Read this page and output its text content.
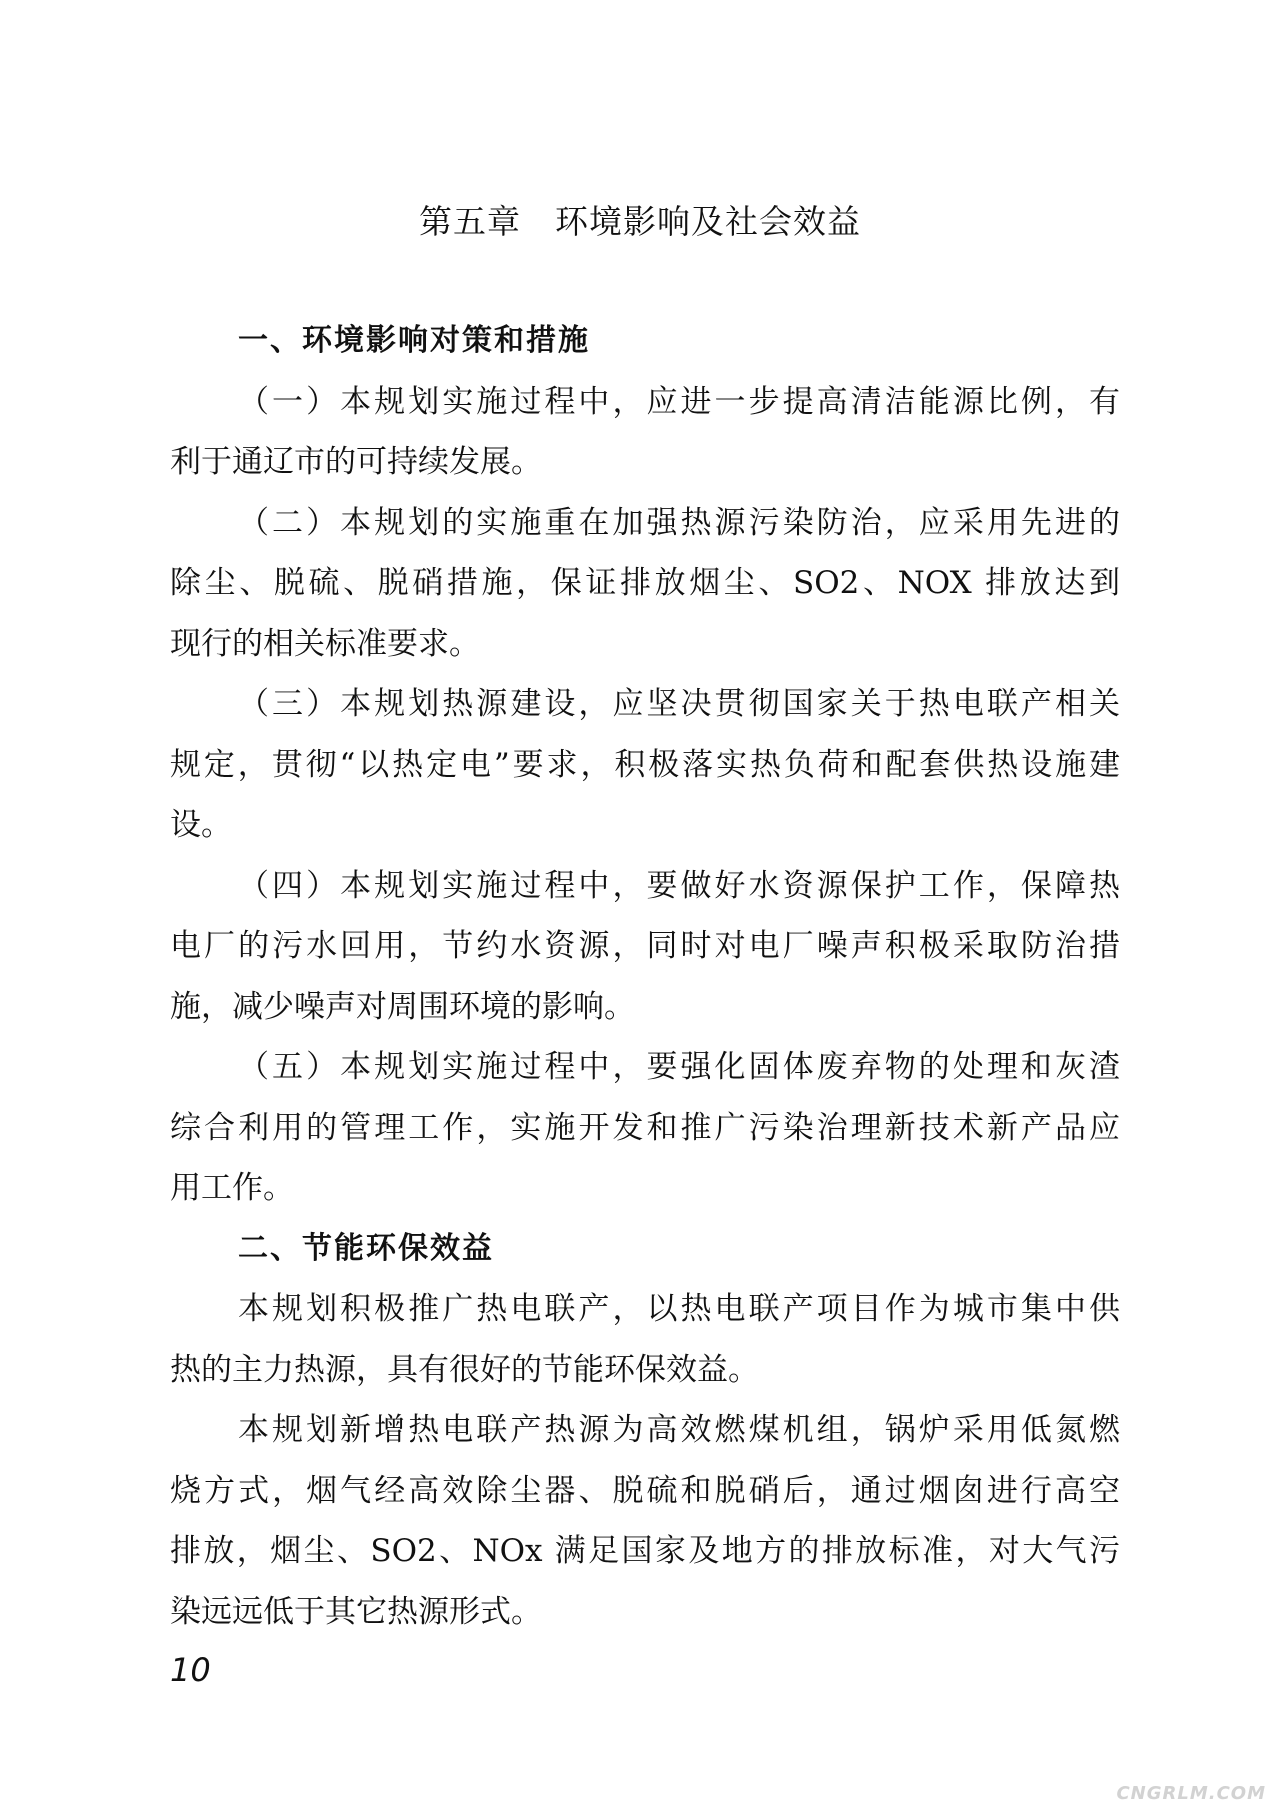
第五章　环境影响及社会效益
一、环境影响对策和措施
（一）本规划实施过程中，应进一步提高清洁能源比例，有
利于通辽市的可持续发展。
（二）本规划的实施重在加强热源污染防治，应采用先进的
除尘、脱硫、脱硝措施，保证排放烟尘、SO2、NOX 排放达到
现行的相关标准要求。
（三）本规划热源建设，应坚决贯彻国家关于热电联产相关
规定，贯彻“以热定电”要求，积极落实热负荷和配套供热设施建
设。
（四）本规划实施过程中，要做好水资源保护工作，保障热
电厂的污水回用，节约水资源，同时对电厂噪声积极采取防治措
施，减少噪声对周围环境的影响。
（五）本规划实施过程中，要强化固体废弃物的处理和灰渣
综合利用的管理工作，实施开发和推广污染治理新技术新产品应
用工作。
二、节能环保效益
本规划积极推广热电联产，以热电联产项目作为城市集中供
热的主力热源，具有很好的节能环保效益。
本规划新增热电联产热源为高效燃煤机组，锅炉采用低氮燃
烧方式，烟气经高效除尘器、脱硫和脱硝后，通过烟囱进行高空
排放，烟尘、SO2、NOx 满足国家及地方的排放标准，对大气污
染远远低于其它热源形式。
10
CNGRLM.COM
